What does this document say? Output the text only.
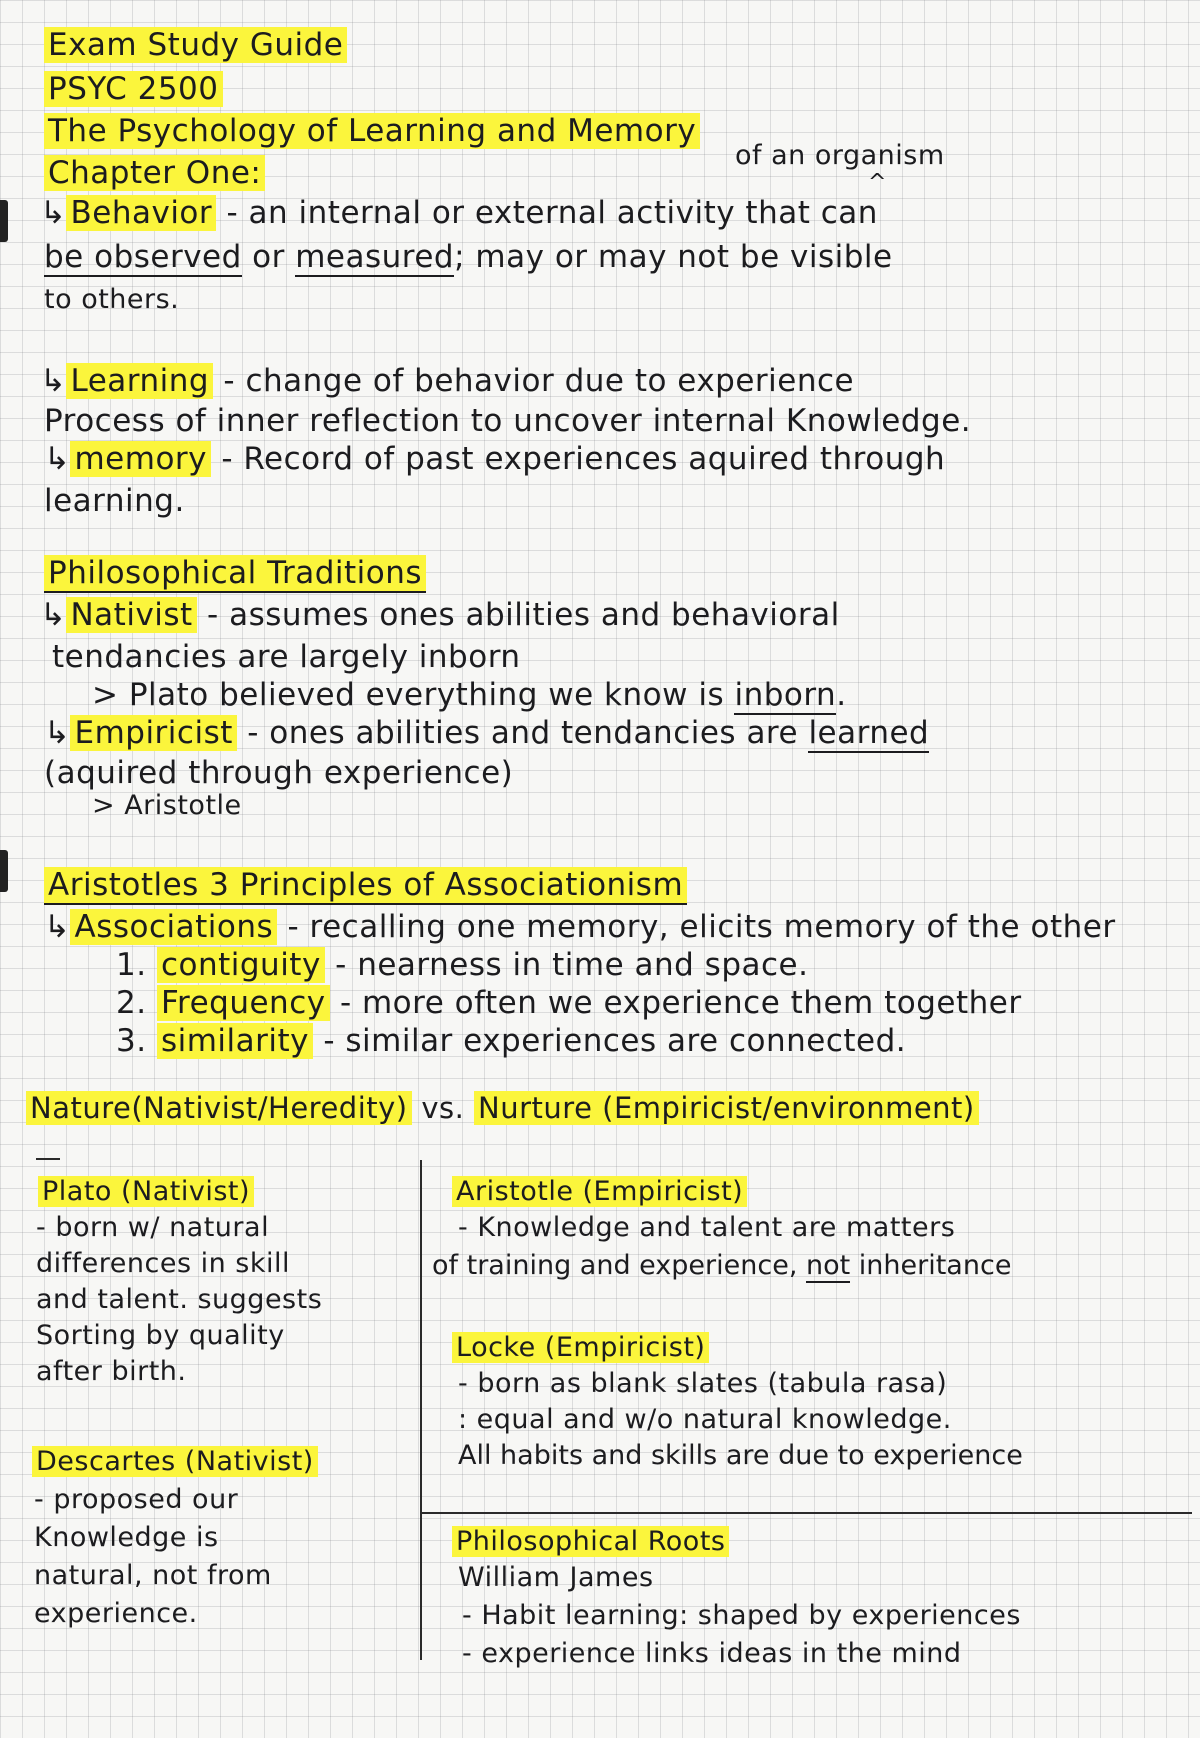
Exam Study Guide
PSYC 2500
The Psychology of Learning and Memory
Chapter One:	of an organism
^
↳ Behavior - an internal or external activity that can
be observed or measured; may or may not be visible
to others.
↳ Learning - change of behavior due to experience
Process of inner reflection to uncover internal Knowledge.
↳ memory - Record of past experiences aquired through
learning.
Philosophical Traditions
↳ Nativist - assumes ones abilities and behavioral
tendancies are largely inborn
> Plato believed everything we know is inborn.
↳ Empiricist - ones abilities and tendancies are learned
(aquired through experience)
> Aristotle
Aristotles 3 Principles of Associationism
↳ Associations - recalling one memory, elicits memory of the other
1. contiguity - nearness in time and space.
2. Frequency - more often we experience them together
3. similarity - similar experiences are connected.
Nature(Nativist/Heredity) vs. Nurture (Empiricist/environment)
Plato (Nativist)
- born w/ natural
differences in skill
and talent. suggests
Sorting by quality
after birth.
Descartes (Nativist)
- proposed our
Knowledge is
natural, not from
experience.
Aristotle (Empiricist)
- Knowledge and talent are matters
of training and experience, not inheritance
Locke (Empiricist)
- born as blank slates (tabula rasa)
: equal and w/o natural knowledge.
All habits and skills are due to experience
Philosophical Roots
William James
- Habit learning: shaped by experiences
- experience links ideas in the mind
